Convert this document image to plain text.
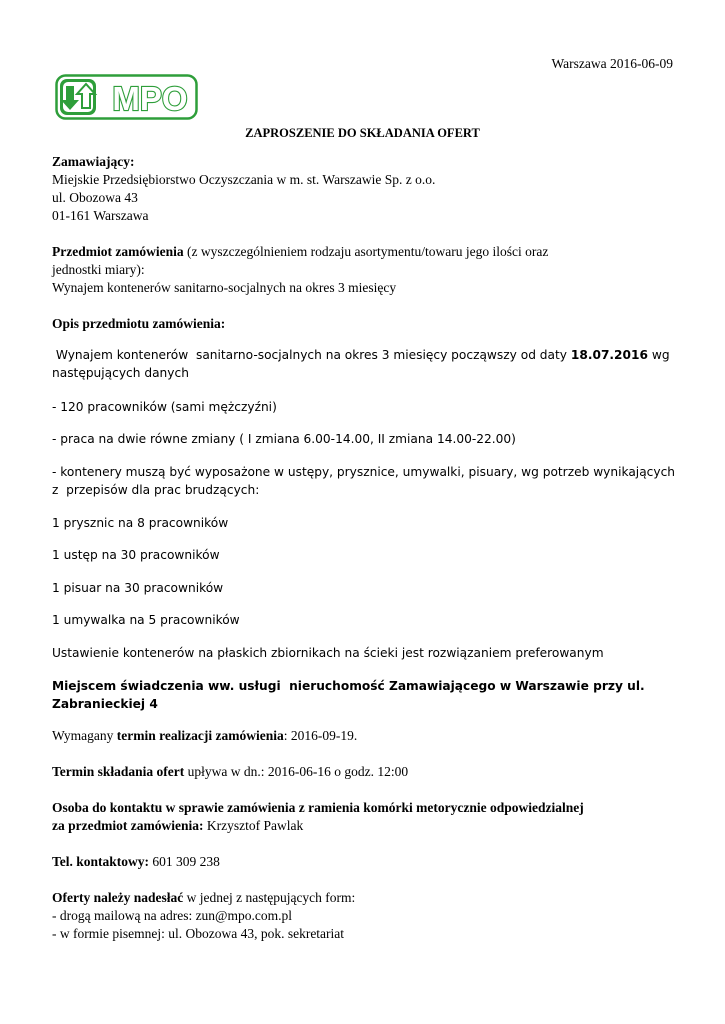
Warszawa 2016-06-09
MPO
ZAPROSZENIE DO SKŁADANIA OFERT
Zamawiający:
Miejskie Przedsiębiorstwo Oczyszczania w m. st. Warszawie Sp. z o.o.
ul. Obozowa 43
01-161 Warszawa
Przedmiot zamówienia (z wyszczególnieniem rodzaju asortymentu/towaru jego ilości oraz
jednostki miary):
Wynajem kontenerów sanitarno-socjalnych na okres 3 miesięcy
Opis przedmiotu zamówienia:
Wynajem kontenerów  sanitarno-socjalnych na okres 3 miesięcy począwszy od daty 18.07.2016 wg
następujących danych
- 120 pracowników (sami mężczyźni)
- praca na dwie równe zmiany ( I zmiana 6.00-14.00, II zmiana 14.00-22.00)
- kontenery muszą być wyposażone w ustępy, prysznice, umywalki, pisuary, wg potrzeb wynikających
z  przepisów dla prac brudzących:
1 prysznic na 8 pracowników
1 ustęp na 30 pracowników
1 pisuar na 30 pracowników
1 umywalka na 5 pracowników
Ustawienie kontenerów na płaskich zbiornikach na ścieki jest rozwiązaniem preferowanym
Miejscem świadczenia ww. usługi  nieruchomość Zamawiającego w Warszawie przy ul.
Zabranieckiej 4
Wymagany termin realizacji zamówienia: 2016-09-19.
Termin składania ofert upływa w dn.: 2016-06-16 o godz. 12:00
Osoba do kontaktu w sprawie zamówienia z ramienia komórki metorycznie odpowiedzialnej
za przedmiot zamówienia: Krzysztof Pawlak
Tel. kontaktowy: 601 309 238
Oferty należy nadesłać w jednej z następujących form:
- drogą mailową na adres: zun@mpo.com.pl
- w formie pisemnej: ul. Obozowa 43, pok. sekretariat
